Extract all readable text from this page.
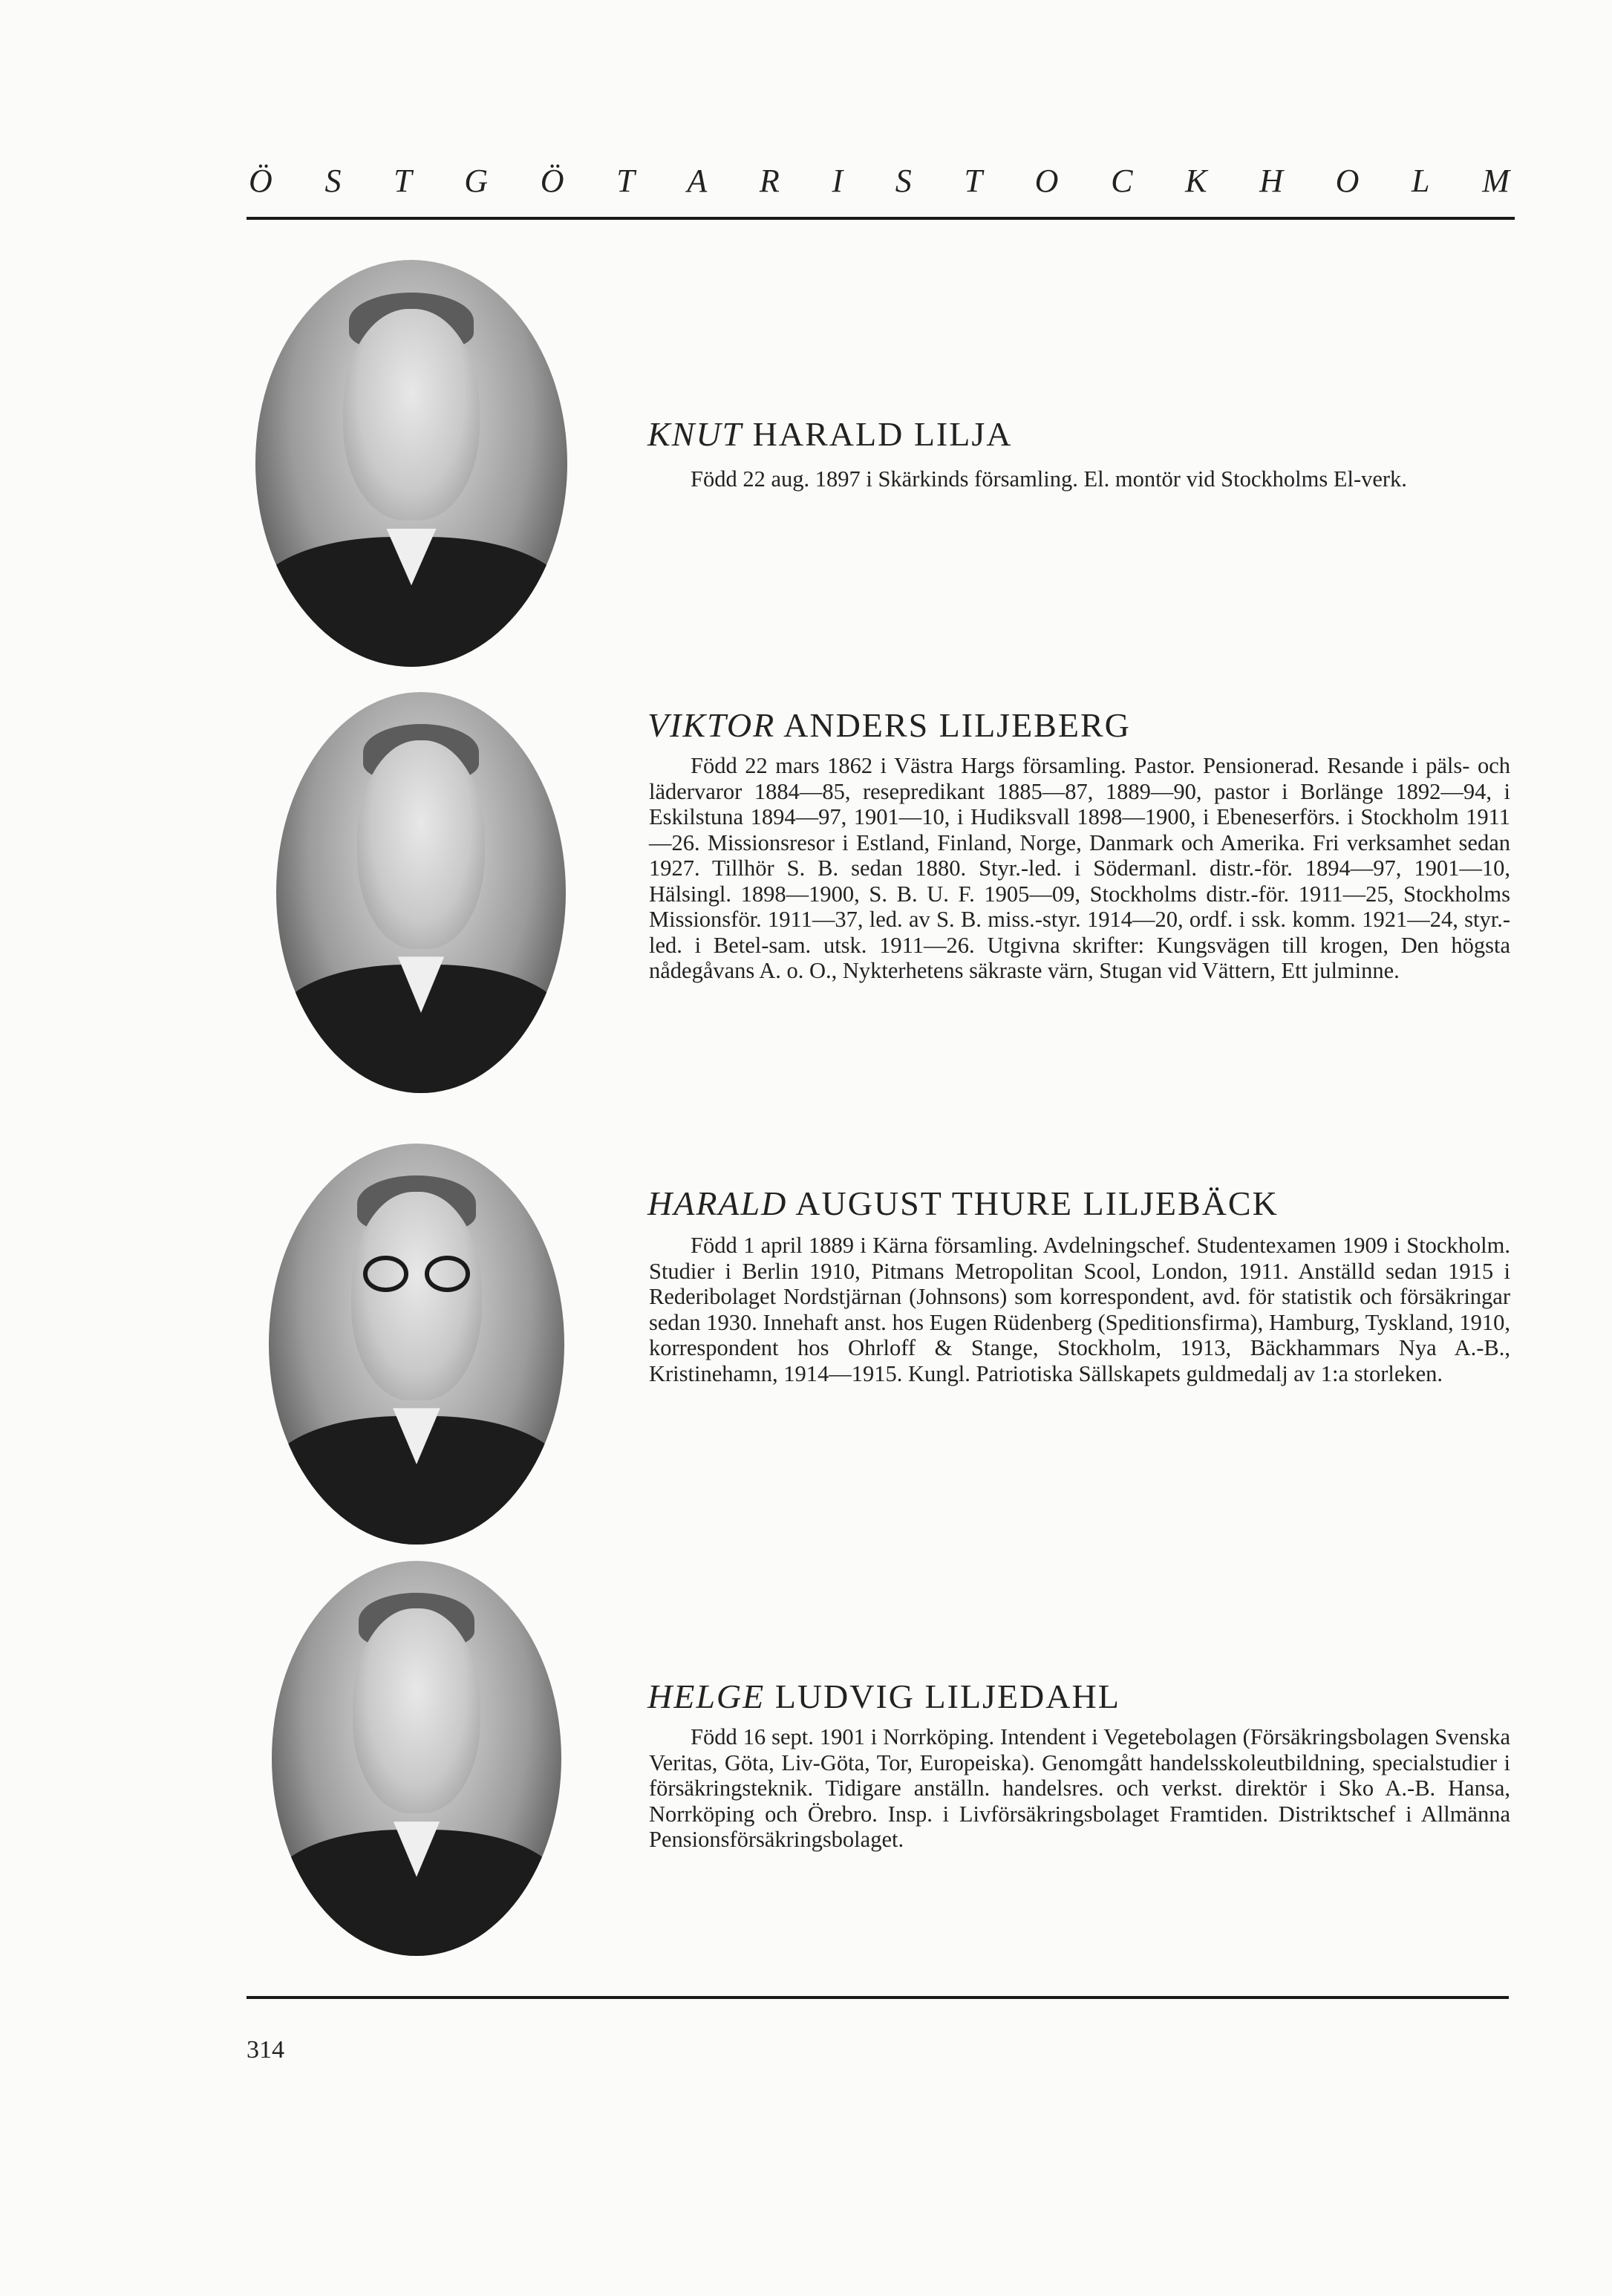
Ö S T G Ö T A R I S T O C K H O L M
KNUT HARALD LILJA

Född 22 aug. 1897 i Skärkinds församling. El. montör vid Stockholms El-verk.

VIKTOR ANDERS LILJEBERG

Född 22 mars 1862 i Västra Hargs församling. Pastor. Pensionerad. Resande i päls- och lädervaror 1884—85, resepredikant 1885—87, 1889—90, pastor i Borlänge 1892—94, i Eskilstuna 1894—97, 1901—10, i Hudiksvall 1898—1900, i Ebeneserförs. i Stockholm 1911—26. Missionsresor i Estland, Finland, Norge, Danmark och Amerika. Fri verksamhet sedan 1927. Tillhör S. B. sedan 1880. Styr.-led. i Södermanl. distr.-för. 1894—97, 1901—10, Hälsingl. 1898—1900, S. B. U. F. 1905—09, Stockholms distr.-för. 1911—25, Stockholms Missionsför. 1911—37, led. av S. B. miss.-styr. 1914—20, ordf. i ssk. komm. 1921—24, styr.-led. i Betel-sam. utsk. 1911—26. Utgivna skrifter: Kungsvägen till krogen, Den högsta nådegåvans A. o. O., Nykterhetens säkraste värn, Stugan vid Vättern, Ett julminne.

HARALD AUGUST THURE LILJEBÄCK

Född 1 april 1889 i Kärna församling. Avdelningschef. Studentexamen 1909 i Stockholm. Studier i Berlin 1910, Pitmans Metropolitan Scool, London, 1911. Anställd sedan 1915 i Rederibolaget Nordstjärnan (Johnsons) som korrespondent, avd. för statistik och försäkringar sedan 1930. Innehaft anst. hos Eugen Rüdenberg (Speditionsfirma), Hamburg, Tyskland, 1910, korrespondent hos Ohrloff & Stange, Stockholm, 1913, Bäckhammars Nya A.-B., Kristinehamn, 1914—1915. Kungl. Patriotiska Sällskapets guldmedalj av 1:a storleken.

HELGE LUDVIG LILJEDAHL

Född 16 sept. 1901 i Norrköping. Intendent i Vegetebolagen (Försäkringsbolagen Svenska Veritas, Göta, Liv-Göta, Tor, Europeiska). Genomgått handelsskoleutbildning, specialstudier i försäkringsteknik. Tidigare anställn. handelsres. och verkst. direktör i Sko A.-B. Hansa, Norrköping och Örebro. Insp. i Livförsäkringsbolaget Framtiden. Distriktschef i Allmänna Pensionsförsäkringsbolaget.

314
